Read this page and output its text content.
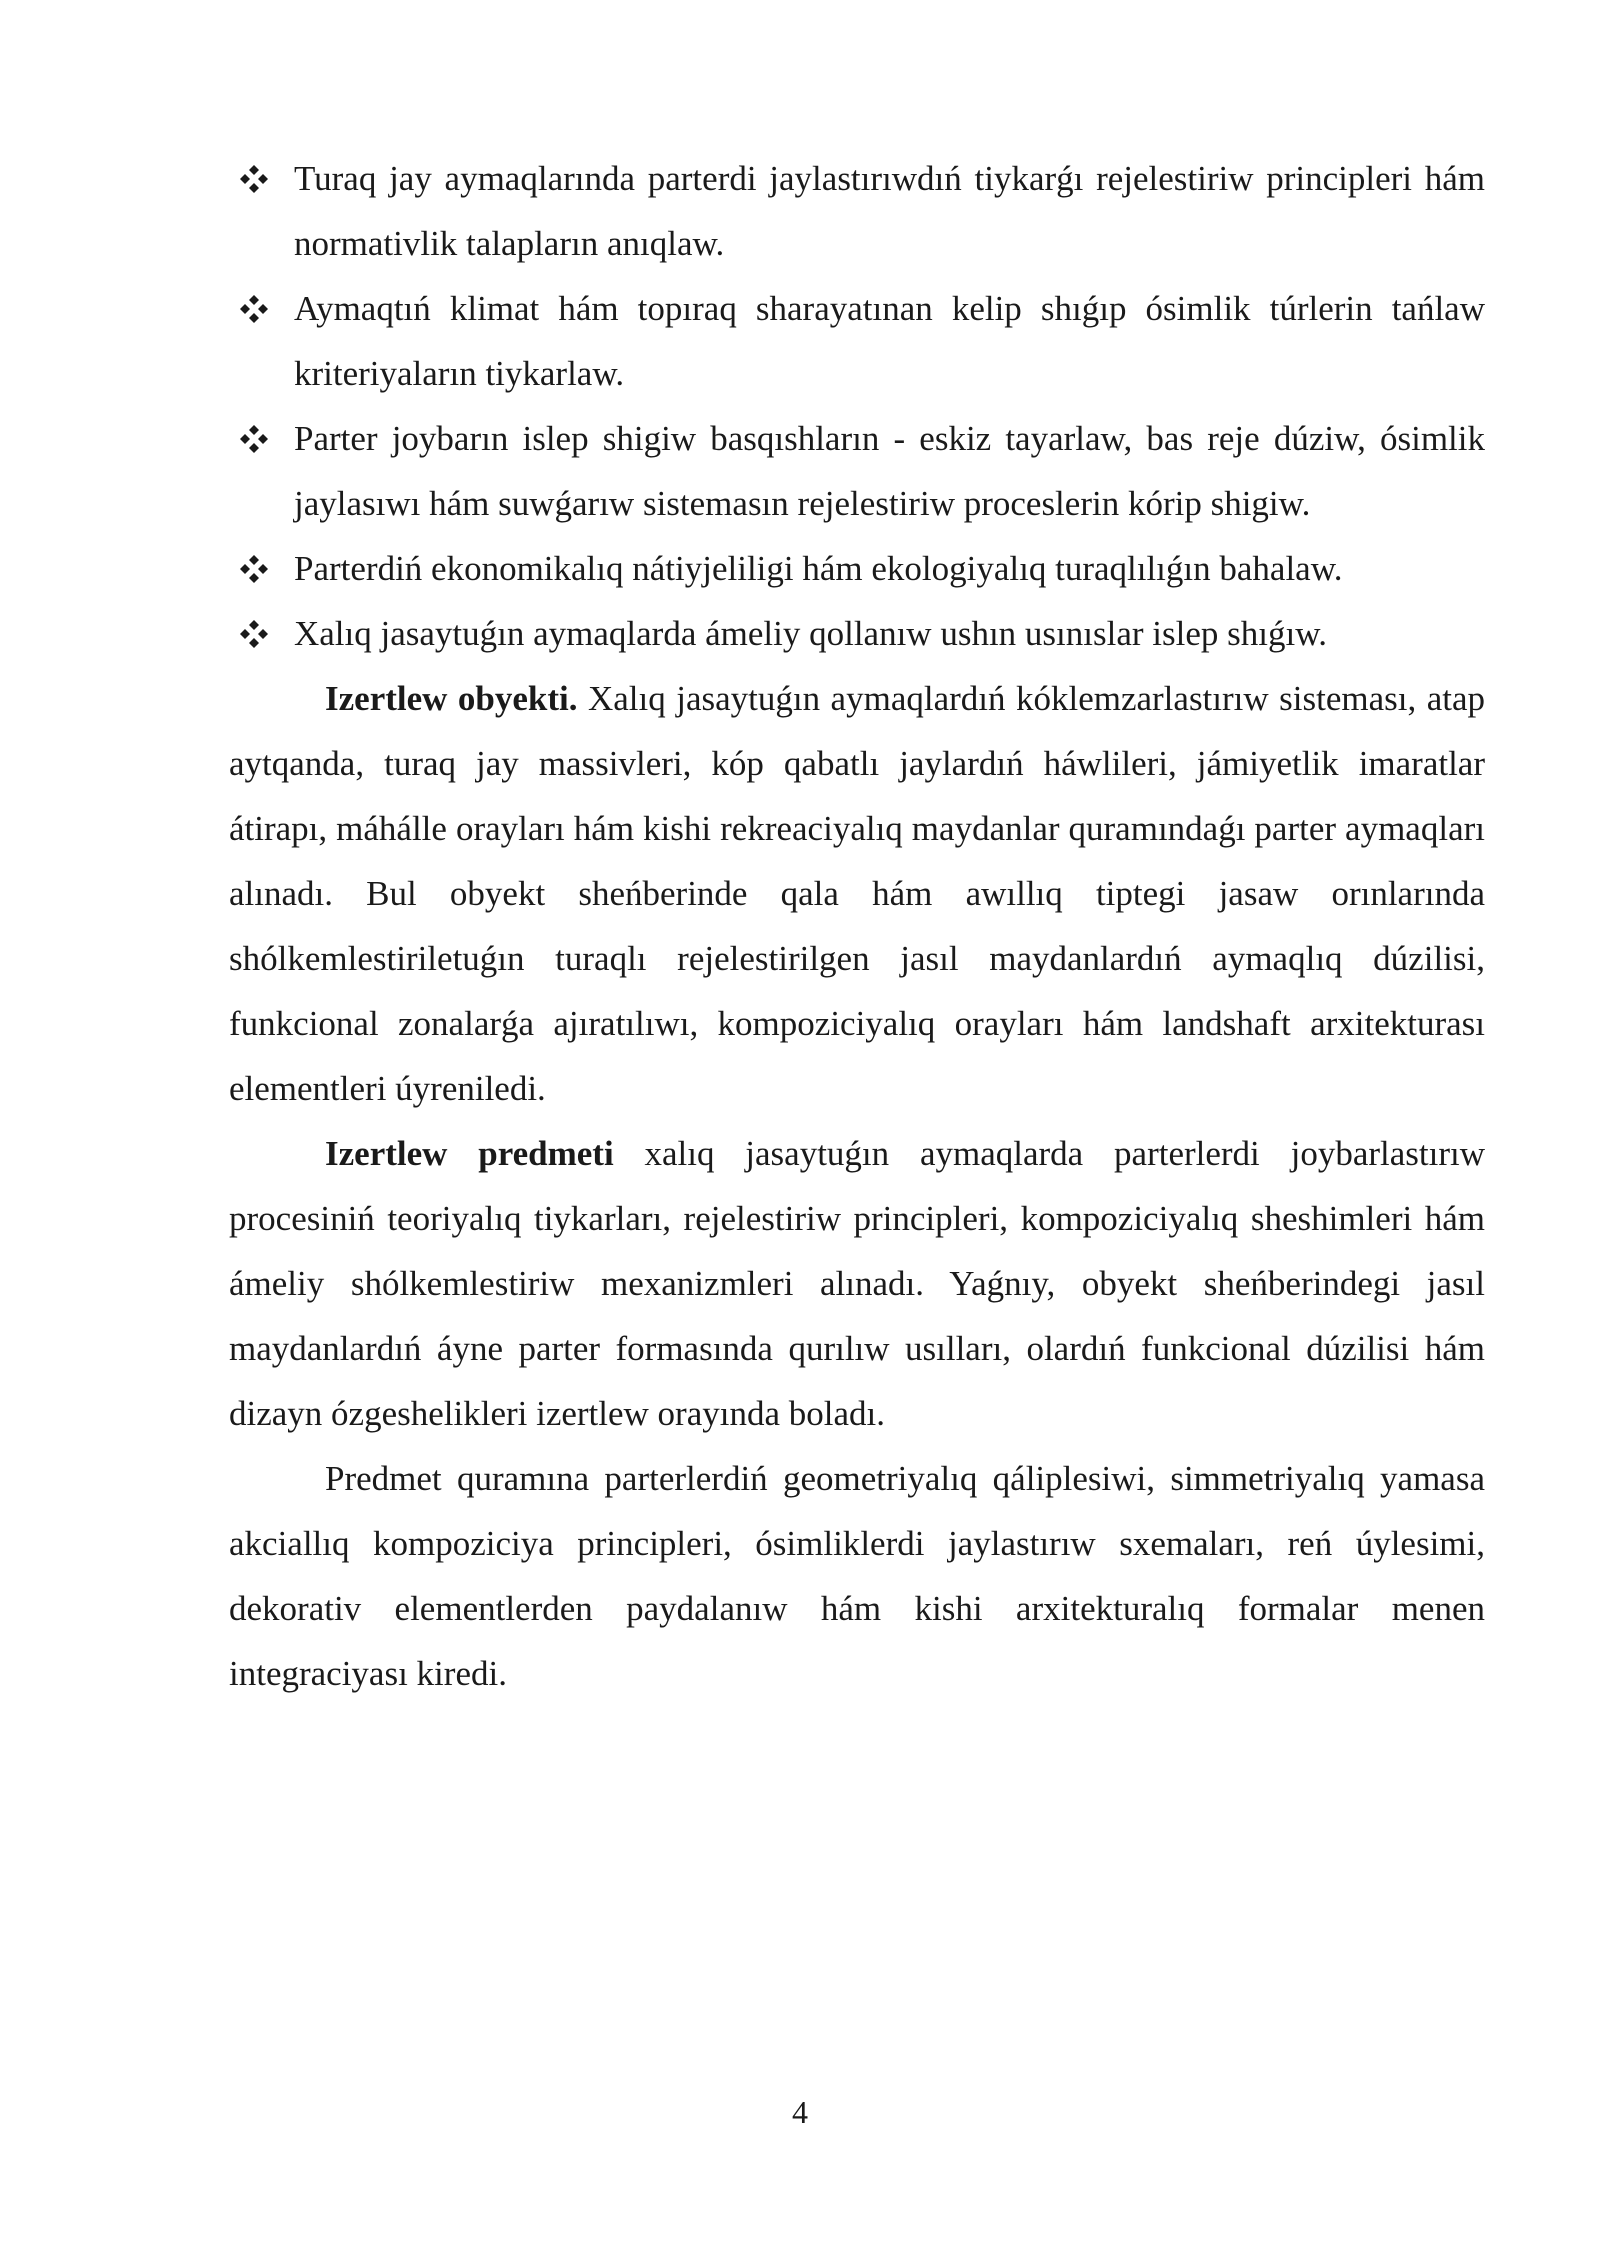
Turaq jay aymaqlarında parterdi jaylastırıwdıń tiykarǵı rejelestiriw principleri hám normativlik talapların anıqlaw.
Aymaqtıń klimat hám topıraq sharayatınan kelip shıǵıp ósimlik túrlerin tańlaw kriteriyaların tiykarlaw.
Parter joybarın islep shigiw basqıshların - eskiz tayarlaw, bas reje dúziw, ósimlik jaylasıwı hám suwǵarıw sistemasın rejelestiriw proceslerin kórip shigiw.
Parterdiń ekonomikalıq nátiyjeliligi hám ekologiyalıq turaqlılıǵın bahalaw.
Xalıq jasaytuǵın aymaqlarda ámeliy qollanıw ushın usınıslar islep shıǵıw.

Izertlew obyekti. Xalıq jasaytuǵın aymaqlardıń kóklemzarlastırıw sisteması, atap aytqanda, turaq jay massivleri, kóp qabatlı jaylardıń háwlileri, jámiyetlik imaratlar átirapı, máhálle orayları hám kishi rekreaciyalıq maydanlar quramındaǵı parter aymaqları alınadı. Bul obyekt sheńberinde qala hám awıllıq tiptegi jasaw orınlarında shólkemlestiriletuǵın turaqlı rejelestirilgen jasıl maydanlardıń aymaqlıq dúzilisi, funkcional zonalarǵa ajıratılıwı, kompoziciyalıq orayları hám landshaft arxitekturası elementleri úyreniledi.

Izertlew predmeti xalıq jasaytuǵın aymaqlarda parterlerdi joybarlastırıw procesiniń teoriyalıq tiykarları, rejelestiriw principleri, kompoziciyalıq sheshimleri hám ámeliy shólkemlestiriw mexanizmleri alınadı. Yaǵnıy, obyekt sheńberindegi jasıl maydanlardıń áyne parter formasında qurılıw usılları, olardıń funkcional dúzilisi hám dizayn ózgeshelikleri izertlew orayında boladı.

Predmet quramına parterlerdiń geometriyalıq qáliplesiwi, simmetriyalıq yamasa akciallıq kompoziciya principleri, ósimliklerdi jaylastırıw sxemaları, reń úylesimi, dekorativ elementlerden paydalanıw hám kishi arxitekturalıq formalar menen integraciyası kiredi.

4
